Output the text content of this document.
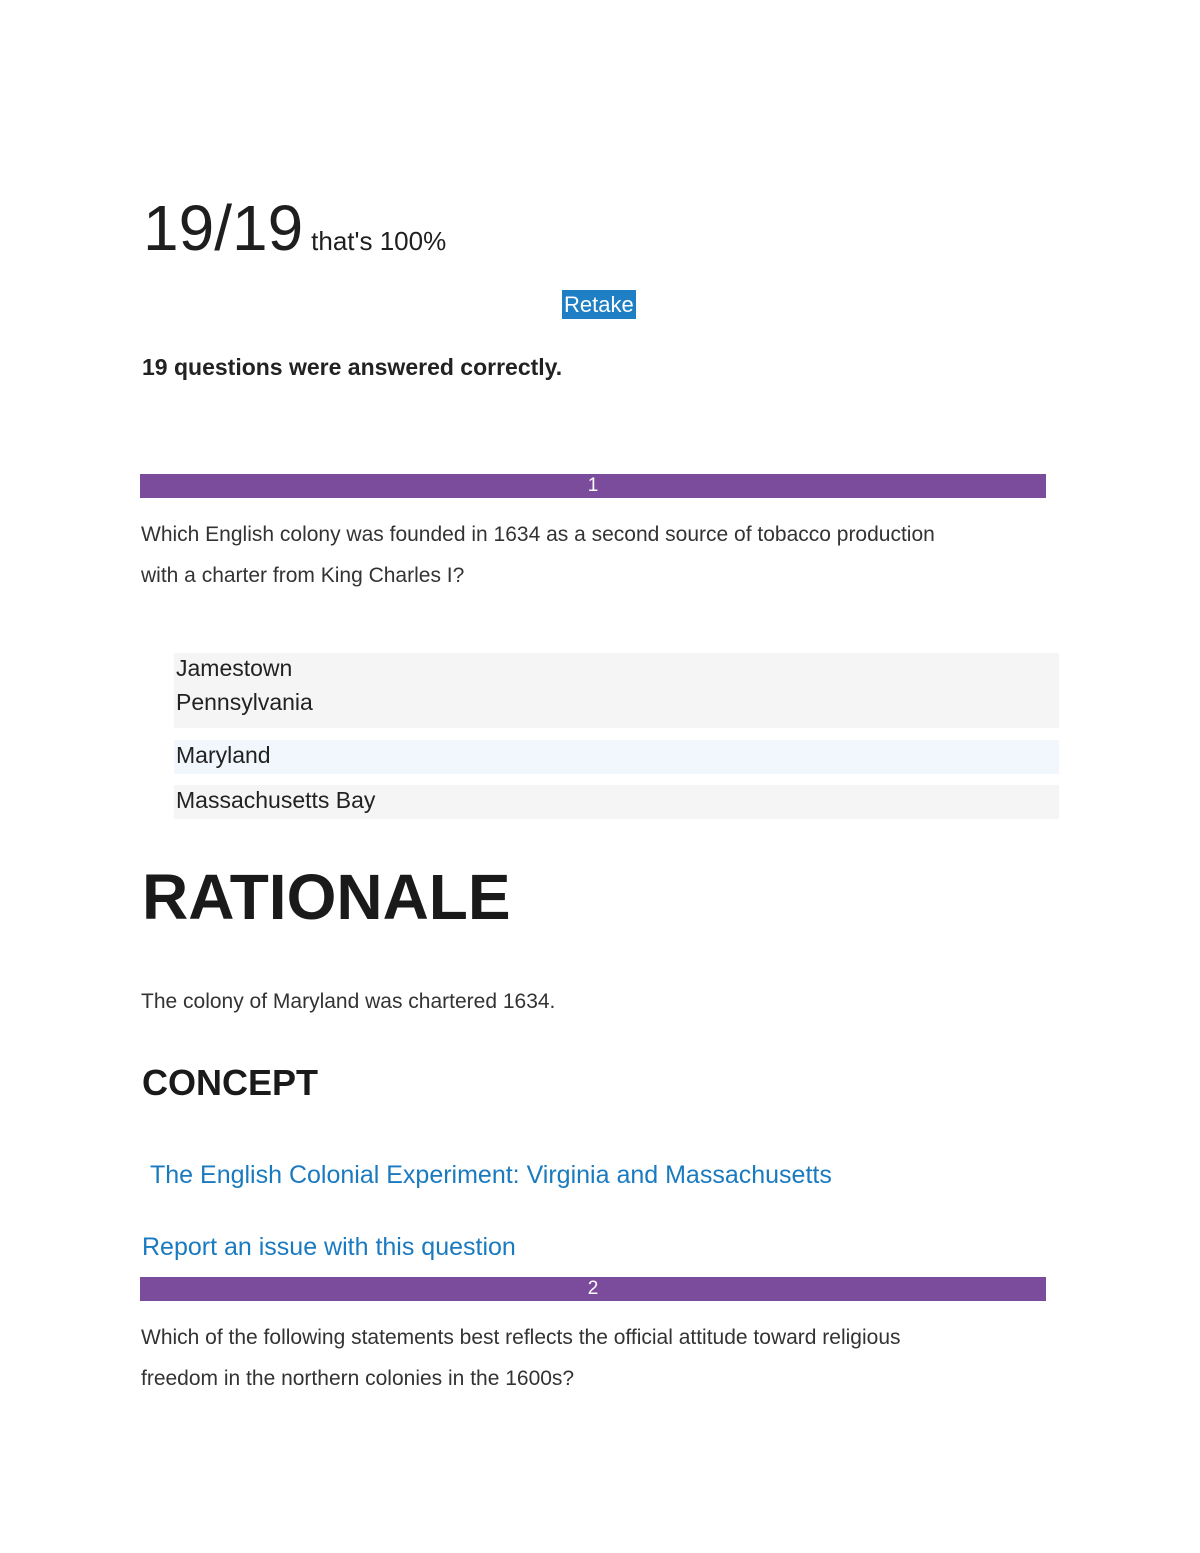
19/19 that's 100%
Retake
19 questions were answered correctly.
1
Which English colony was founded in 1634 as a second source of tobacco production
with a charter from King Charles I?
Jamestown
Pennsylvania
Maryland
Massachusetts Bay
RATIONALE
The colony of Maryland was chartered 1634.
CONCEPT
The English Colonial Experiment: Virginia and Massachusetts
Report an issue with this question
2
Which of the following statements best reflects the official attitude toward religious
freedom in the northern colonies in the 1600s?
